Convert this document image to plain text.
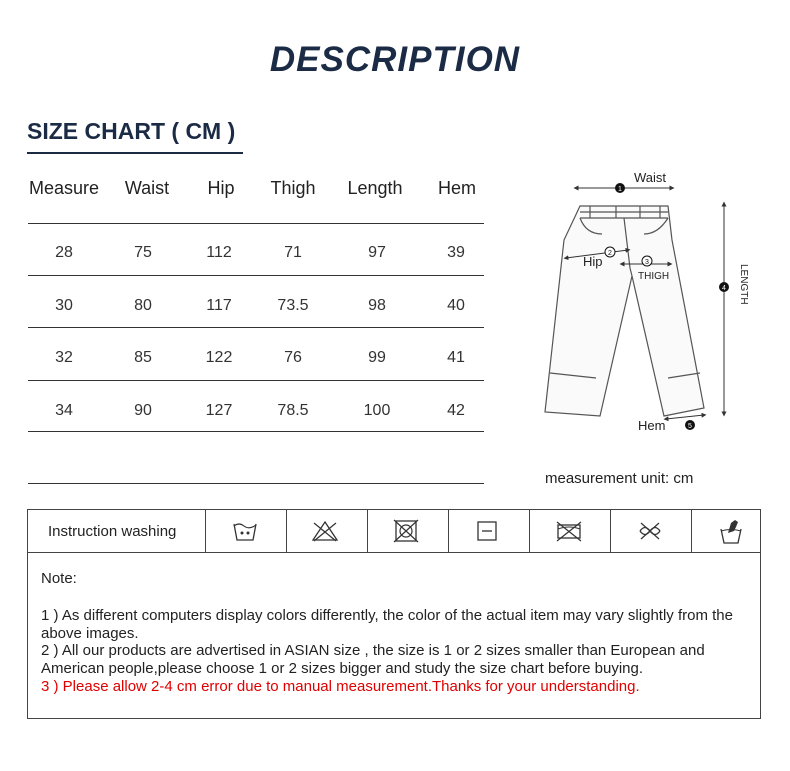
DESCRIPTION
SIZE CHART ( CM )
Measure	Waist	Hip	Thigh	Length	Hem
28	75	112	71	97	39
30	80	117	73.5	98	40
32	85	122	76	99	41
34	90	127	78.5	100	42
1
Waist
2
Hip	3
THIGH
4 LENGTH
5
Hem
measurement unit: cm
Instruction washing
Note:
1 ) As different computers display colors differently, the color of the actual item may vary slightly from the above images.
2 ) All our products are advertised in ASIAN size , the size is 1 or 2 sizes smaller than European and American people,please choose 1 or 2 sizes bigger and study the size chart before buying.
3 ) Please allow 2-4 cm error due to manual measurement.Thanks for your understanding.
